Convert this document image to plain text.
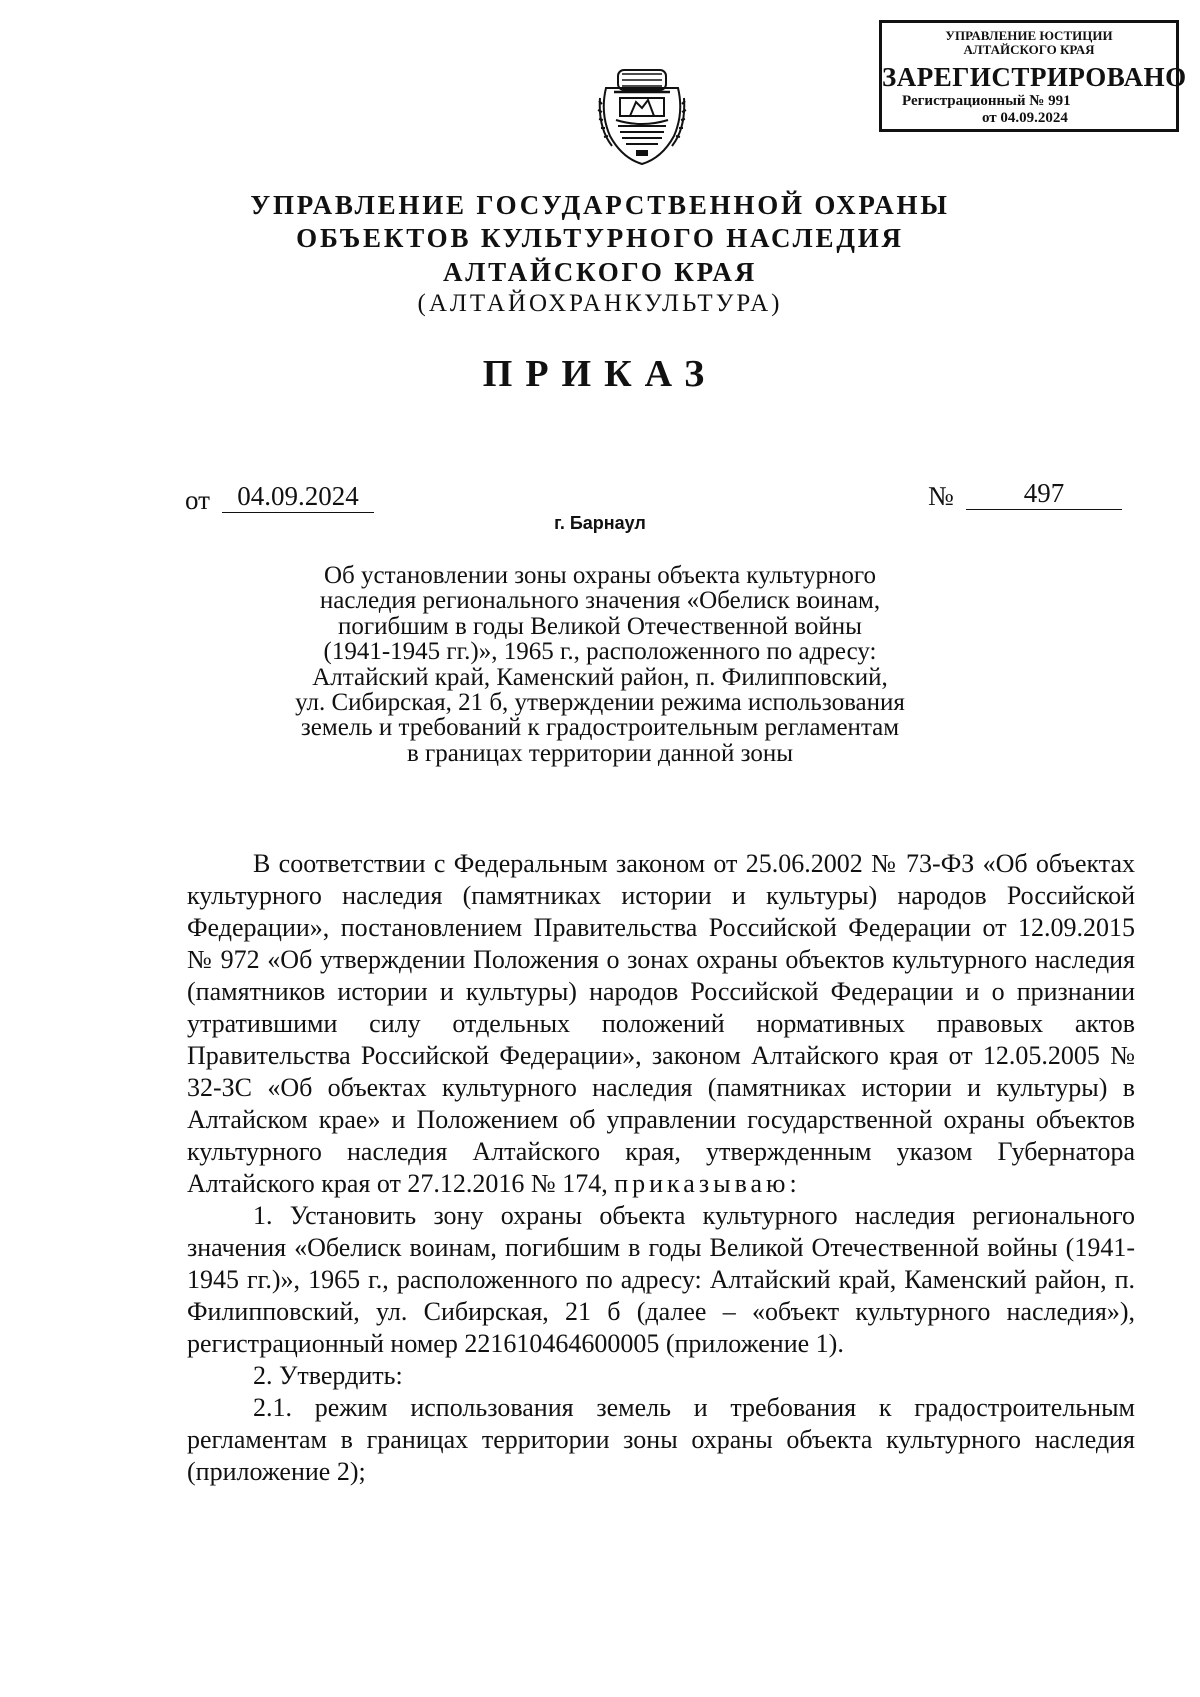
УПРАВЛЕНИЕ ЮСТИЦИИ
АЛТАЙСКОГО КРАЯ
ЗАРЕГИСТРИРОВАНО
Регистрационный № 991
от 04.09.2024
УПРАВЛЕНИЕ ГОСУДАРСТВЕННОЙ ОХРАНЫ
ОБЪЕКТОВ КУЛЬТУРНОГО НАСЛЕДИЯ
АЛТАЙСКОГО КРАЯ
(АЛТАЙОХРАНКУЛЬТУРА)
ПРИКАЗ
от	04.09.2024	№	497
г. Барнаул
Об установлении зоны охраны объекта культурного
наследия регионального значения «Обелиск воинам,
погибшим в годы Великой Отечественной войны
(1941-1945 гг.)», 1965 г., расположенного по адресу:
Алтайский край, Каменский район, п. Филипповский,
ул. Сибирская, 21 б, утверждении режима использования
земель и требований к градостроительным регламентам
в границах территории данной зоны

В соответствии с Федеральным законом от 25.06.2002 № 73-ФЗ «Об объектах культурного наследия (памятниках истории и культуры) народов Российской Федерации», постановлением Правительства Российской Федерации от 12.09.2015 № 972 «Об утверждении Положения о зонах охраны объектов культурного наследия (памятников истории и культуры) народов Российской Федерации и о признании утратившими силу отдельных положений нормативных правовых актов Правительства Российской Федерации», законом Алтайского края от 12.05.2005 № 32-ЗС «Об объектах культурного наследия (памятниках истории и культуры) в Алтайском крае» и Положением об управлении государственной охраны объектов культурного наследия Алтайского края, утвержденным указом Губернатора Алтайского края от 27.12.2016 № 174, приказываю:

1. Установить зону охраны объекта культурного наследия регионального значения «Обелиск воинам, погибшим в годы Великой Отечественной войны (1941-1945 гг.)», 1965 г., расположенного по адресу: Алтайский край, Каменский район, п. Филипповский, ул. Сибирская, 21 б (далее – «объект культурного наследия»), регистрационный номер 221610464600005 (приложение 1).

2. Утвердить:

2.1. режим использования земель и требования к градостроительным регламентам в границах территории зоны охраны объекта культурного наследия (приложение 2);
